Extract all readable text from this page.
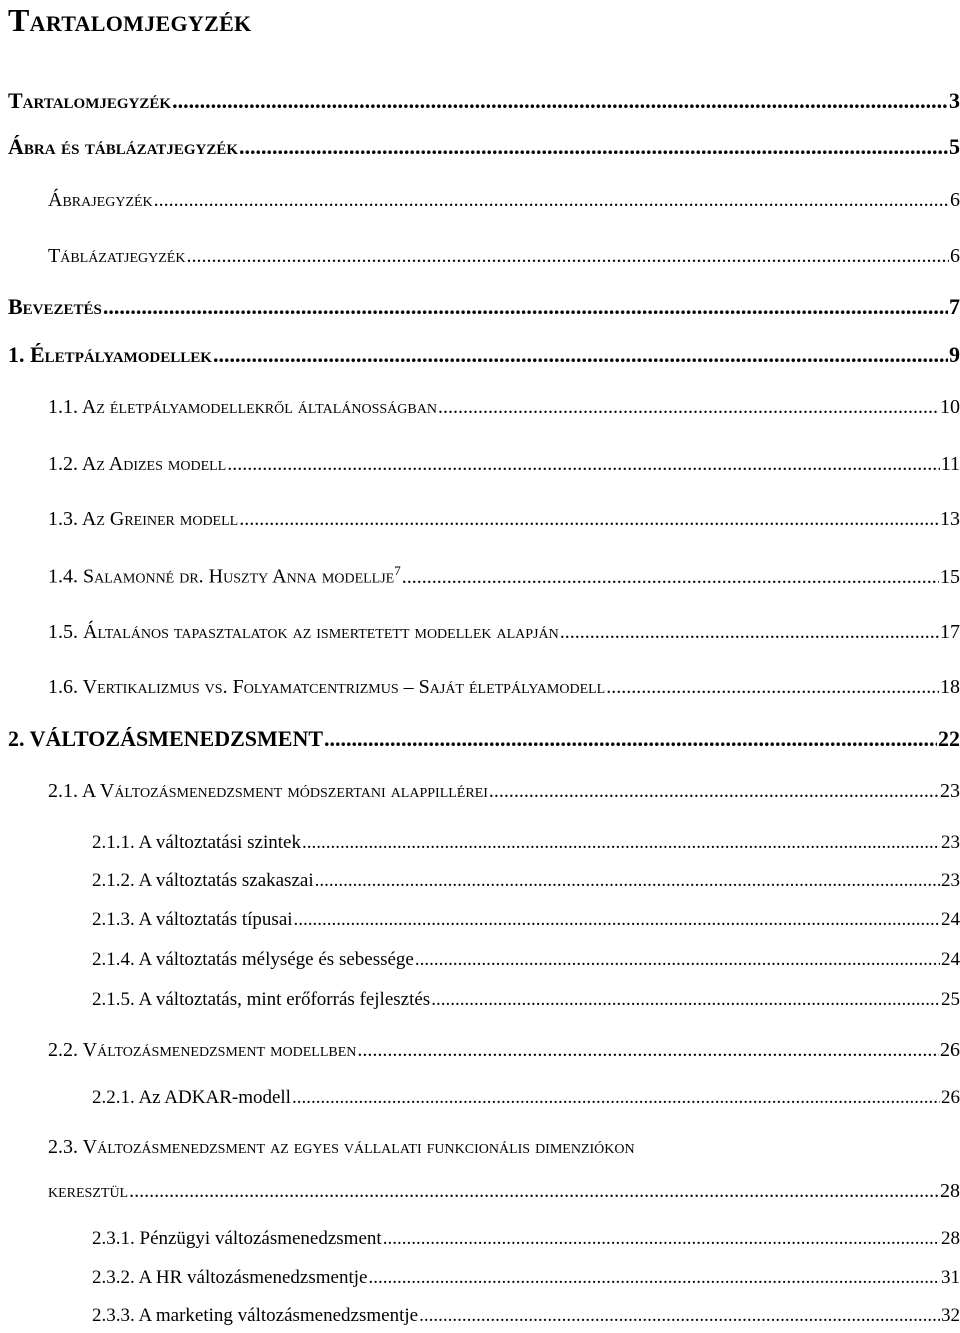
Tartalomjegyzék
Tartalomjegyzék .....	3
Ábra és táblázatjegyzék .....	5
Ábrajegyzék .....	6
Táblázatjegyzék .....	6
Bevezetés .....	7
1. Életpályamodellek .....	9
1.1. Az életpályamodellekről általánosságban .....	10
1.2. Az Adizes modell .....	11
1.3. Az Greiner modell .....	13
1.4. Salamonné dr. Huszty Anna modellje$^7$ .....	15
1.5. Általános tapasztalatok az ismertetett modellek alapján .....	17
1.6. Vertikalizmus vs. Folyamatcentrizmus – Saját életpályamodell .....	18
2. VÁLTOZÁSMENEDZSMENT .....	22
2.1. A Változásmenedzsment módszertani alappillérei .....	23
2.1.1. A változtatási szintek .....	23
2.1.2. A változtatás szakaszai .....	23
2.1.3. A változtatás típusai .....	24
2.1.4. A változtatás mélysége és sebessége .....	24
2.1.5. A változtatás, mint erőforrás fejlesztés .....	25
2.2. Változásmenedzsment modellben .....	26
2.2.1. Az ADKAR-modell .....	26
2.3. Változásmenedzsment az egyes vállalati funkcionális dimenziókon
keresztül .....	28
2.3.1. Pénzügyi változásmenedzsment .....	28
2.3.2. A HR változásmenedzsmentje .....	31
2.3.3. A marketing változásmenedzsmentje .....	32
